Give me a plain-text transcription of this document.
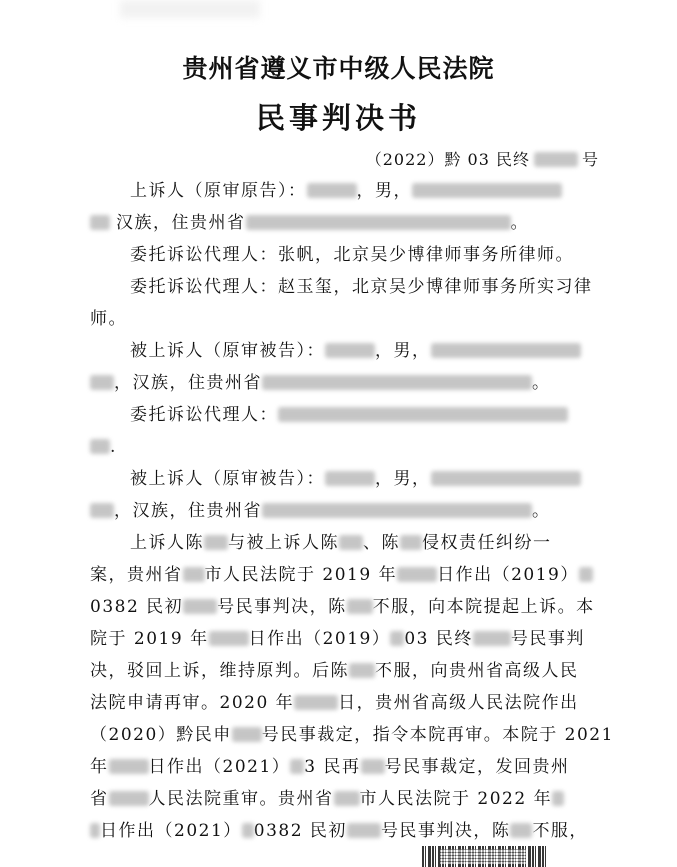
贵州省遵义市中级人民法院
民事判决书
（2022）黔 03 民终	号
上诉人（原审原告）：	，男，
汉族，住贵州省	。
委托诉讼代理人：张帆，北京吴少博律师事务所律师。
委托诉讼代理人：赵玉玺，北京吴少博律师事务所实习律
师。
被上诉人（原审被告）：	，男，
，汉族，住贵州省	。
委托诉讼代理人：
.
被上诉人（原审被告）：	，男，
，汉族，住贵州省	。
上诉人陈 与被上诉人陈 、陈 侵权责任纠纷一
案，贵州省 市人民法院于 2019 年 日作出（2019）
0382 民初 号民事判决，陈 不服，向本院提起上诉。本
院于 2019 年 日作出（2019） 03 民终 号民事判
决，驳回上诉，维持原判。后陈 不服，向贵州省高级人民
法院申请再审。2020 年	日，贵州省高级人民法院作出
（2020）黔民申 号民事裁定，指令本院再审。本院于 2021
年 日作出（2021） 3 民再 号民事裁定，发回贵州
省 人民法院重审。贵州省 市人民法院于 2022 年
日作出（2021） 0382 民初 号民事判决，陈 不服，
